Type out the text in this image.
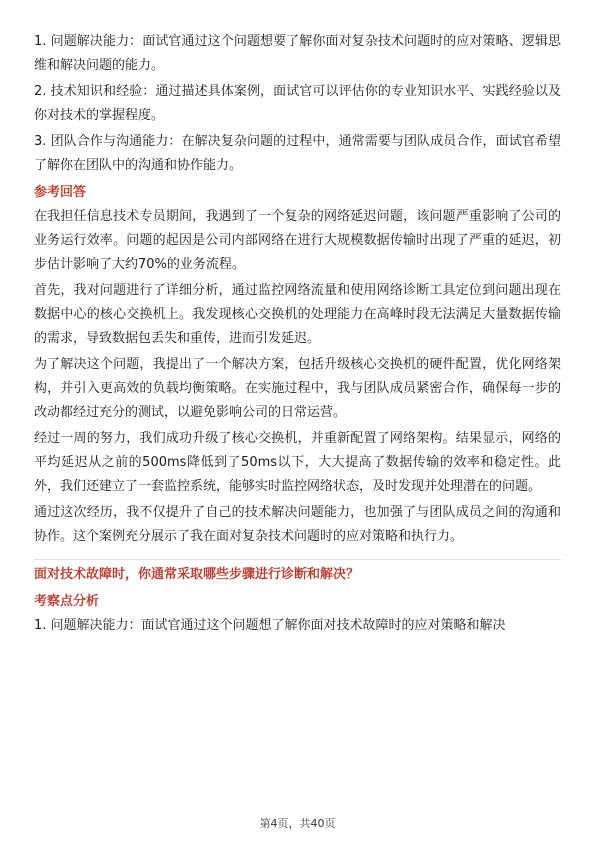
1. 问题解决能力：面试官通过这个问题想要了解你面对复杂技术问题时的应对策略、逻辑思维和解决问题的能力。

2. 技术知识和经验：通过描述具体案例，面试官可以评估你的专业知识水平、实践经验以及你对技术的掌握程度。

3. 团队合作与沟通能力：在解决复杂问题的过程中，通常需要与团队成员合作，面试官希望了解你在团队中的沟通和协作能力。

参考回答

在我担任信息技术专员期间，我遇到了一个复杂的网络延迟问题，该问题严重影响了公司的业务运行效率。问题的起因是公司内部网络在进行大规模数据传输时出现了严重的延迟，初步估计影响了大约70%的业务流程。

首先，我对问题进行了详细分析，通过监控网络流量和使用网络诊断工具定位到问题出现在数据中心的核心交换机上。我发现核心交换机的处理能力在高峰时段无法满足大量数据传输的需求，导致数据包丢失和重传，进而引发延迟。

为了解决这个问题，我提出了一个解决方案，包括升级核心交换机的硬件配置，优化网络架构，并引入更高效的负载均衡策略。在实施过程中，我与团队成员紧密合作，确保每一步的改动都经过充分的测试，以避免影响公司的日常运营。

经过一周的努力，我们成功升级了核心交换机，并重新配置了网络架构。结果显示，网络的平均延迟从之前的500ms降低到了50ms以下，大大提高了数据传输的效率和稳定性。此外，我们还建立了一套监控系统，能够实时监控网络状态，及时发现并处理潜在的问题。

通过这次经历，我不仅提升了自己的技术解决问题能力，也加强了与团队成员之间的沟通和协作。这个案例充分展示了我在面对复杂技术问题时的应对策略和执行力。

面对技术故障时，你通常采取哪些步骤进行诊断和解决？
考察点分析

1. 问题解决能力：面试官通过这个问题想了解你面对技术故障时的应对策略和解决

第4页，共40页
